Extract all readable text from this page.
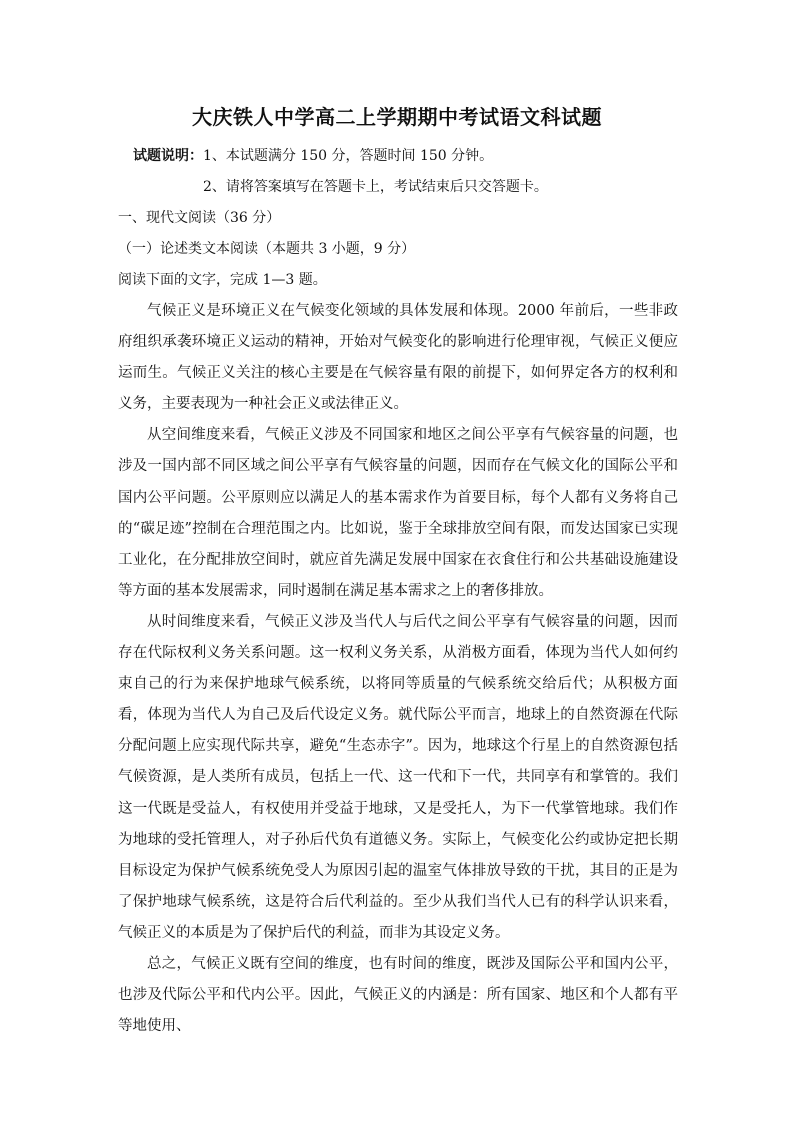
大庆铁人中学高二上学期期中考试语文科试题
试题说明：1、本试题满分 150 分，答题时间 150 分钟。
2、请将答案填写在答题卡上，考试结束后只交答题卡。
一、现代文阅读（36 分）
（一）论述类文本阅读（本题共 3 小题，9 分）
阅读下面的文字，完成 1—3 题。

气候正义是环境正义在气候变化领域的具体发展和体现。2000 年前后，一些非政府组织承袭环境正义运动的精神，开始对气候变化的影响进行伦理审视，气候正义便应运而生。气候正义关注的核心主要是在气候容量有限的前提下，如何界定各方的权利和义务，主要表现为一种社会正义或法律正义。

从空间维度来看，气候正义涉及不同国家和地区之间公平享有气候容量的问题，也涉及一国内部不同区域之间公平享有气候容量的问题，因而存在气候文化的国际公平和国内公平问题。公平原则应以满足人的基本需求作为首要目标，每个人都有义务将自己的“碳足迹”控制在合理范围之内。比如说，鉴于全球排放空间有限，而发达国家已实现工业化，在分配排放空间时，就应首先满足发展中国家在衣食住行和公共基础设施建设等方面的基本发展需求，同时遏制在满足基本需求之上的奢侈排放。

从时间维度来看，气候正义涉及当代人与后代之间公平享有气候容量的问题，因而存在代际权利义务关系问题。这一权利义务关系，从消极方面看，体现为当代人如何约束自己的行为来保护地球气候系统，以将同等质量的气候系统交给后代；从积极方面看，体现为当代人为自己及后代设定义务。就代际公平而言，地球上的自然资源在代际分配问题上应实现代际共享，避免“生态赤字”。因为，地球这个行星上的自然资源包括气候资源，是人类所有成员，包括上一代、这一代和下一代，共同享有和掌管的。我们这一代既是受益人，有权使用并受益于地球，又是受托人，为下一代掌管地球。我们作为地球的受托管理人，对子孙后代负有道德义务。实际上，气候变化公约或协定把长期目标设定为保护气候系统免受人为原因引起的温室气体排放导致的干扰，其目的正是为了保护地球气候系统，这是符合后代利益的。至少从我们当代人已有的科学认识来看，气候正义的本质是为了保护后代的利益，而非为其设定义务。

总之，气候正义既有空间的维度，也有时间的维度，既涉及国际公平和国内公平，也涉及代际公平和代内公平。因此，气候正义的内涵是：所有国家、地区和个人都有平等地使用、
